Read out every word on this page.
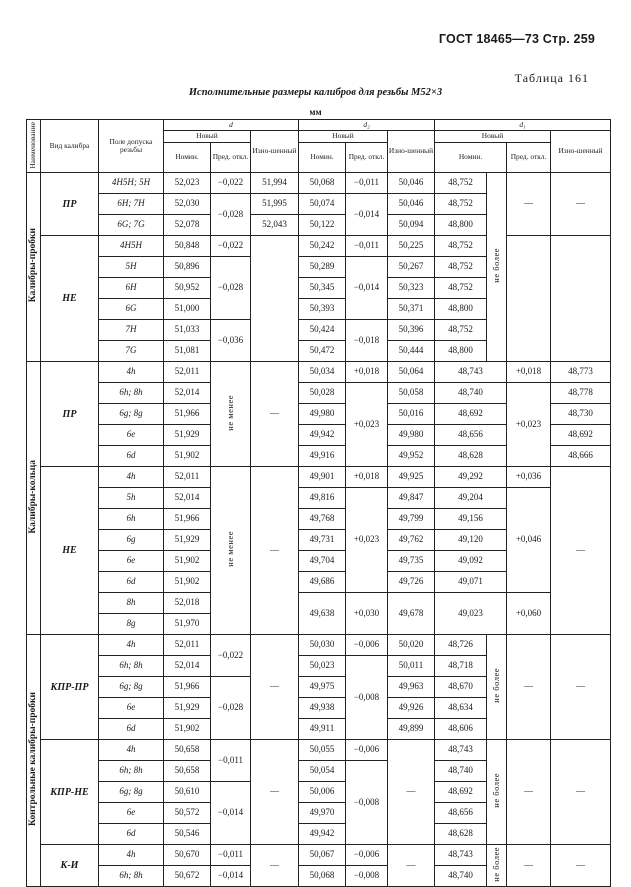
ГОСТ 18465—73 Стр. 259
Таблица 161
Исполнительные размеры калибров для резьбы М52×3
мм
Наименование	Вид калибра	Поле допуска резьбы	d			d₂			d₁			
			Новый		Изно-шенный	Новый		Изно-шенный	Новый			Изно-шенный
			Номин.	Пред. откл.		Номин.	Пред. откл.		Номин.		Пред. откл.	
Калибры-пробки	ПР	4H5H; 5H	52,023	−0,022	51,994	50,068	−0,011	50,046	48,752	не более	—	—
		6H; 7H	52,030	−0,028	51,995	50,074	−0,014	50,046	48,752			
		6G; 7G	52,078		52,043	50,122		50,094	48,800			
	НЕ	4H5H	50,848	−0,022		50,242	−0,011	50,225	48,752			
		5H	50,896	−0,028		50,289	−0,014	50,267	48,752			
		6H	50,952			50,345		50,323	48,752			
		6G	51,000			50,393		50,371	48,800			
		7H	51,033	−0,036		50,424	−0,018	50,396	48,752			
		7G	51,081			50,472		50,444	48,800			
Калибры-кольца	ПР	4h	52,011	не менее	—	50,034	+0,018	50,064	48,743		+0,018	48,773
		6h; 8h	52,014			50,028	+0,023	50,058	48,740		+0,023	48,778
		6g; 8g	51,966			49,980		50,016	48,692			48,730
		6e	51,929			49,942		49,980	48,656			48,692
		6d	51,902			49,916		49,952	48,628			48,666
	НЕ	4h	52,011	не менее	—	49,901	+0,018	49,925	49,292		+0,036	—
		5h	52,014			49,816	+0,023	49,847	49,204		+0,046	
		6h	51,966			49,768		49,799	49,156			
		6g	51,929			49,731		49,762	49,120			
		6e	51,902			49,704		49,735	49,092			
		6d	51,902			49,686		49,726	49,071			
		8h	52,018			49,638	+0,030	49,678	49,023		+0,060	
		8g	51,970									
Контрольные калибры-пробки	КПР-ПР	4h	52,011	−0,022	—	50,030	−0,006	50,020	48,726	не более	—	—
		6h; 8h	52,014			50,023	−0,008	50,011	48,718			
		6g; 8g	51,966	−0,028		49,975		49,963	48,670			
		6e	51,929			49,938		49,926	48,634			
		6d	51,902			49,911		49,899	48,606			
	КПР-НЕ	4h	50,658	−0,011	—	50,055	−0,006	—	48,743	не более	—	—
		6h; 8h	50,658			50,054	−0,008		48,740			
		6g; 8g	50,610	−0,014		50,006			48,692			
		6e	50,572			49,970			48,656			
		6d	50,546			49,942			48,628			
	К-И	4h	50,670	−0,011	—	50,067	−0,006	—	48,743	не более	—	—
		6h; 8h	50,672	−0,014		50,068	−0,008		48,740			
